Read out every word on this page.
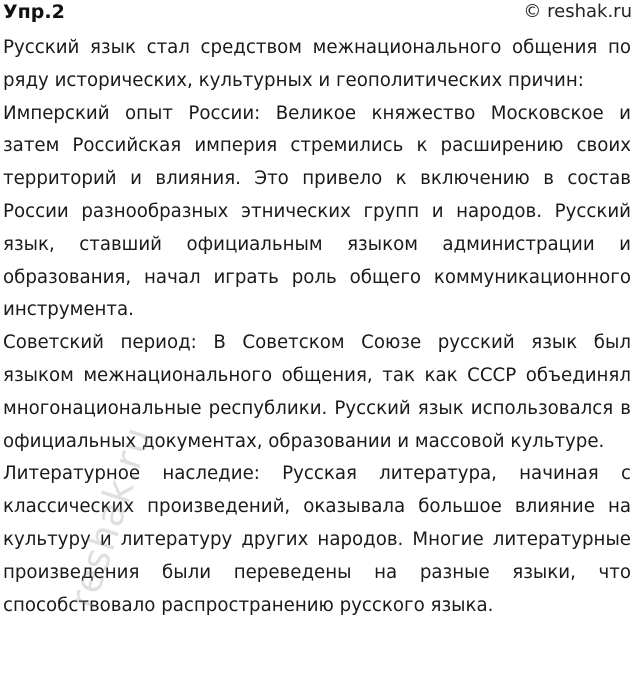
Упр.2	© reshak.ru

Русский язык стал средством межнационального общения по ряду исторических, культурных и геополитических причин:

Имперский опыт России: Великое княжество Московское и затем Российская империя стремились к расширению своих территорий и влияния. Это привело к включению в состав России разнообразных этнических групп и народов. Русский язык, ставший официальным языком администрации и образования, начал играть роль общего коммуникационного инструмента.

Советский период: В Советском Союзе русский язык был языком межнационального общения, так как СССР объединял многонациональные республики. Русский язык использовался в официальных документах, образовании и массовой культуре.

Литературное наследие: Русская литература, начиная с классических произведений, оказывала большое влияние на культуру и литературу других народов. Многие литературные произведения были переведены на разные языки, что способствовало распространению русского языка.

reshak.ru
